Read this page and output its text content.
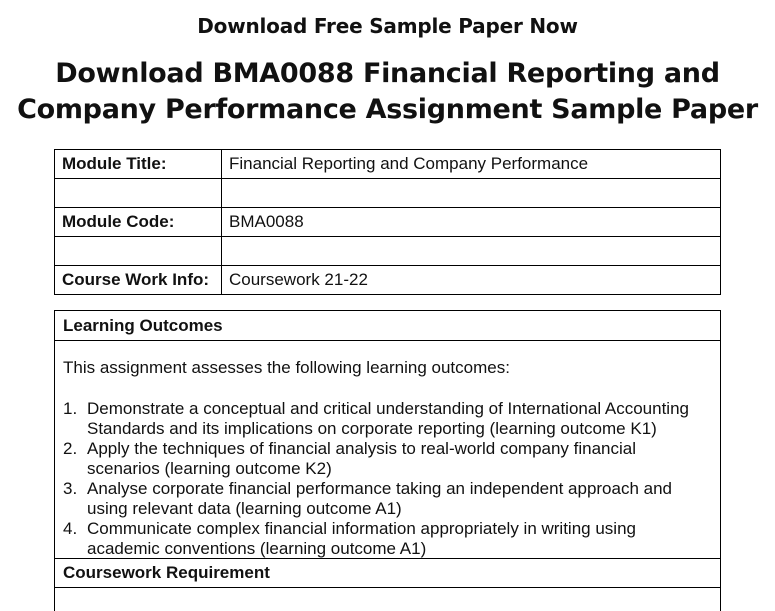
Download Free Sample Paper Now
Download BMA0088 Financial Reporting and
Company Performance Assignment Sample Paper
Module Title:	Financial Reporting and Company Performance

Module Code:	BMA0088

Course Work Info:	Coursework 21-22
Learning Outcomes
This assignment assesses the following learning outcomes:
1. Demonstrate a conceptual and critical understanding of International Accounting
Standards and its implications on corporate reporting (learning outcome K1)
2. Apply the techniques of financial analysis to real-world company financial
scenarios (learning outcome K2)
3. Analyse corporate financial performance taking an independent approach and
using relevant data (learning outcome A1)
4. Communicate complex financial information appropriately in writing using
academic conventions (learning outcome A1)
Coursework Requirement
